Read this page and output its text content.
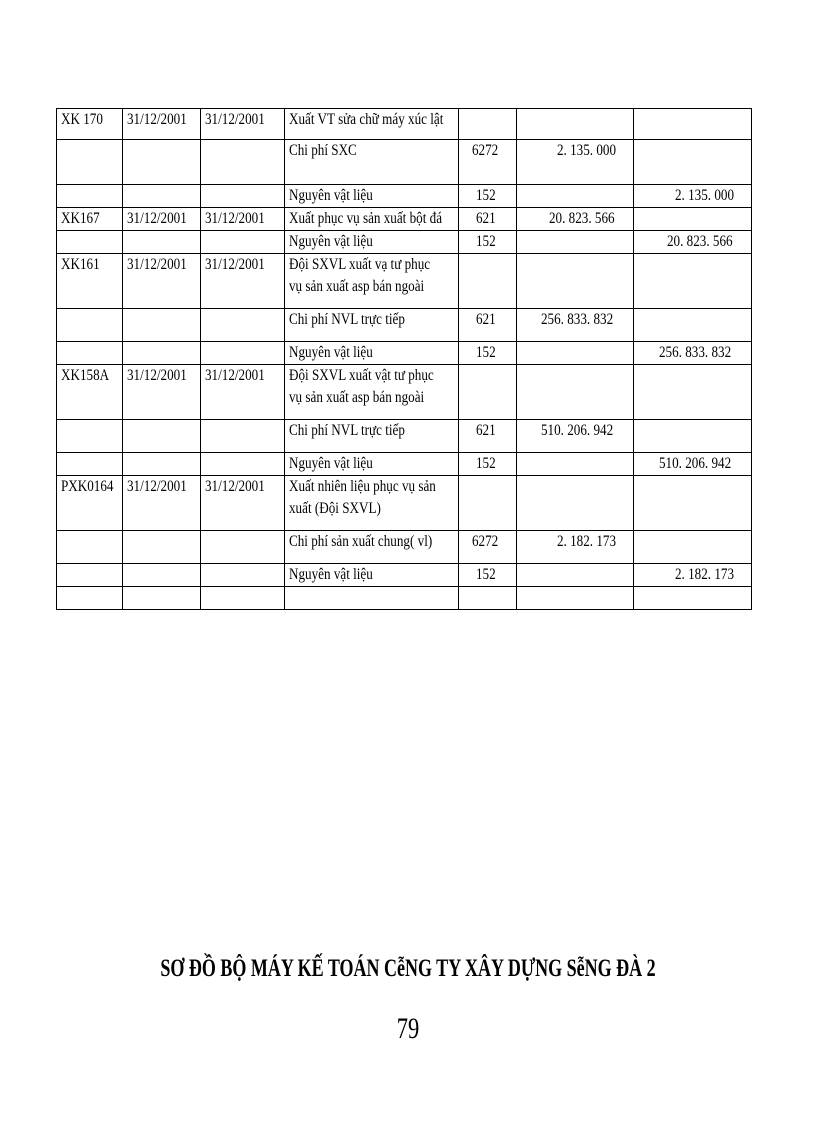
XK 170	31/12/2001	31/12/2001	Xuất VT sửa chữ máy xúc lật			
			Chi phí SXC	6272	2. 135. 000	
			Nguyên vật liệu	152		2. 135. 000
XK167	31/12/2001	31/12/2001	Xuất phục vụ sản xuất bột đá	621	20. 823. 566	
			Nguyên vật liệu	152		20. 823. 566
XK161	31/12/2001	31/12/2001	Đội SXVL xuất vạ tư phục
vụ sản xuất asp bán ngoài			
			Chi phí NVL trực tiếp	621	256. 833. 832	
			Nguyên vật liệu	152		256. 833. 832
XK158A	31/12/2001	31/12/2001	Đội SXVL xuất vật tư phục
vụ sản xuất asp bán ngoài			
			Chi phí NVL trực tiếp	621	510. 206. 942	
			Nguyên vật liệu	152		510. 206. 942
PXK0164	31/12/2001	31/12/2001	Xuất nhiên liệu phục vụ sản
xuất (Đội SXVL)			
			Chi phí sản xuất chung( vl)	6272	2. 182. 173	
			Nguyên vật liệu	152		2. 182. 173

SƠ ĐỒ BỘ MÁY KẾ TOÁN CễNG TY XÂY DỰNG SễNG ĐÀ 2
79
